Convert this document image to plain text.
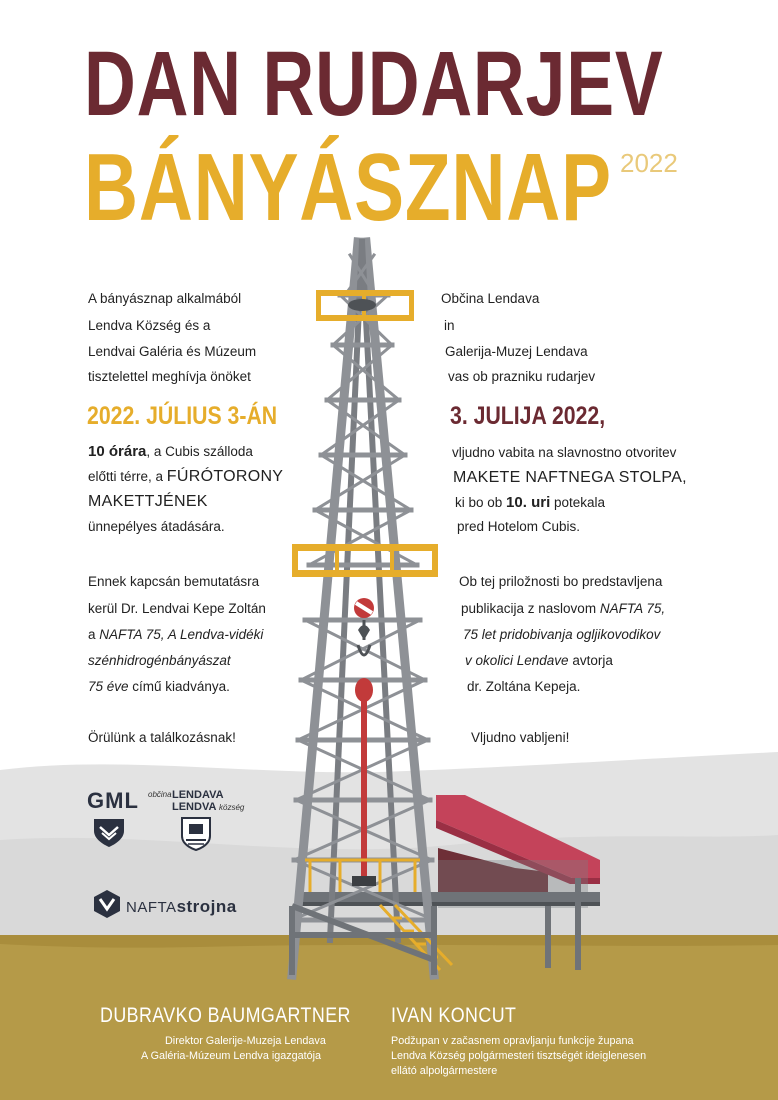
DAN RUDARJEV
BÁNYÁSZNAP 2022
A bányásznap alkalmából
Lendva Község és a
Lendvai Galéria és Múzeum
tisztelettel meghívja önöket
2022. JÚLIUS 3-ÁN
10 órára, a Cubis szálloda
előtti térre, a FÚRÓTORONY
MAKETTJÉNEK
ünnepélyes átadására.
Ennek kapcsán bemutatásra
kerül Dr. Lendvai Kepe Zoltán
a NAFTA 75, A Lendva-vidéki
szénhidrogénbányászat
75 éve című kiadványa.
Örülünk a találkozásnak!
Občina Lendava
in
Galerija-Muzej Lendava
vas ob prazniku rudarjev
3. JULIJA 2022,
vljudno vabita na slavnostno otvoritev
MAKETE NAFTNEGA STOLPA,
ki bo ob 10. uri potekala
pred Hotelom Cubis.
Ob tej priložnosti bo predstavljena
publikacija z naslovom NAFTA 75,
75 let pridobivanja ogljikovodikov
v okolici Lendave avtorja
dr. Zoltána Kepeja.
Vljudno vabljeni!
GML občina LENDAVA
LENDVA község
NAFTAstrojna
DUBRAVKO BAUMGARTNER
Direktor Galerije-Muzeja Lendava
A Galéria-Múzeum Lendva igazgatója
IVAN KONCUT
Podžupan v začasnem opravljanju funkcije župana
Lendva Község polgármesteri tisztségét ideiglenesen
ellátó alpolgármestere
